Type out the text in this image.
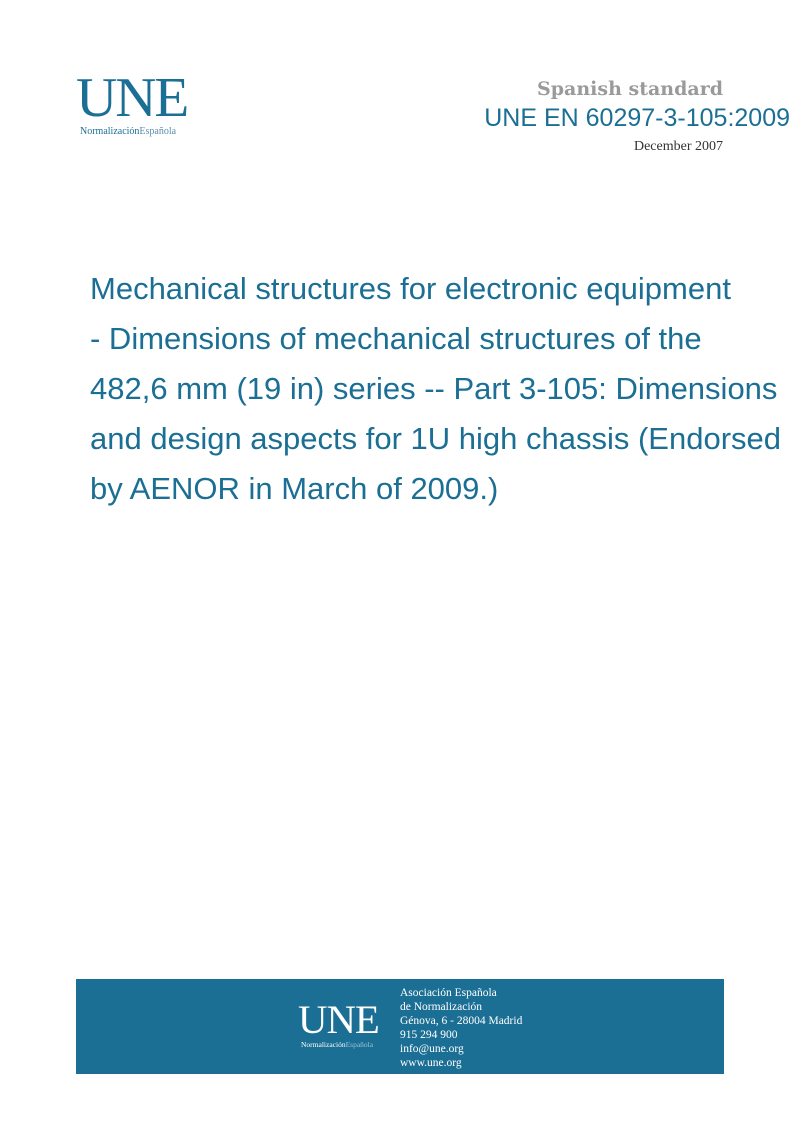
UNE
NormalizaciónEspañola
Spanish standard
UNE EN 60297-3-105:2009
December 2007
Mechanical structures for electronic equipment
- Dimensions of mechanical structures of the
482,6 mm (19 in) series -- Part 3-105: Dimensions
and design aspects for 1U high chassis (Endorsed
by AENOR in March of 2009.)
UNE
NormalizaciónEspañola
Asociación Española
de Normalización
Génova, 6 - 28004 Madrid
915 294 900
info@une.org
www.une.org
